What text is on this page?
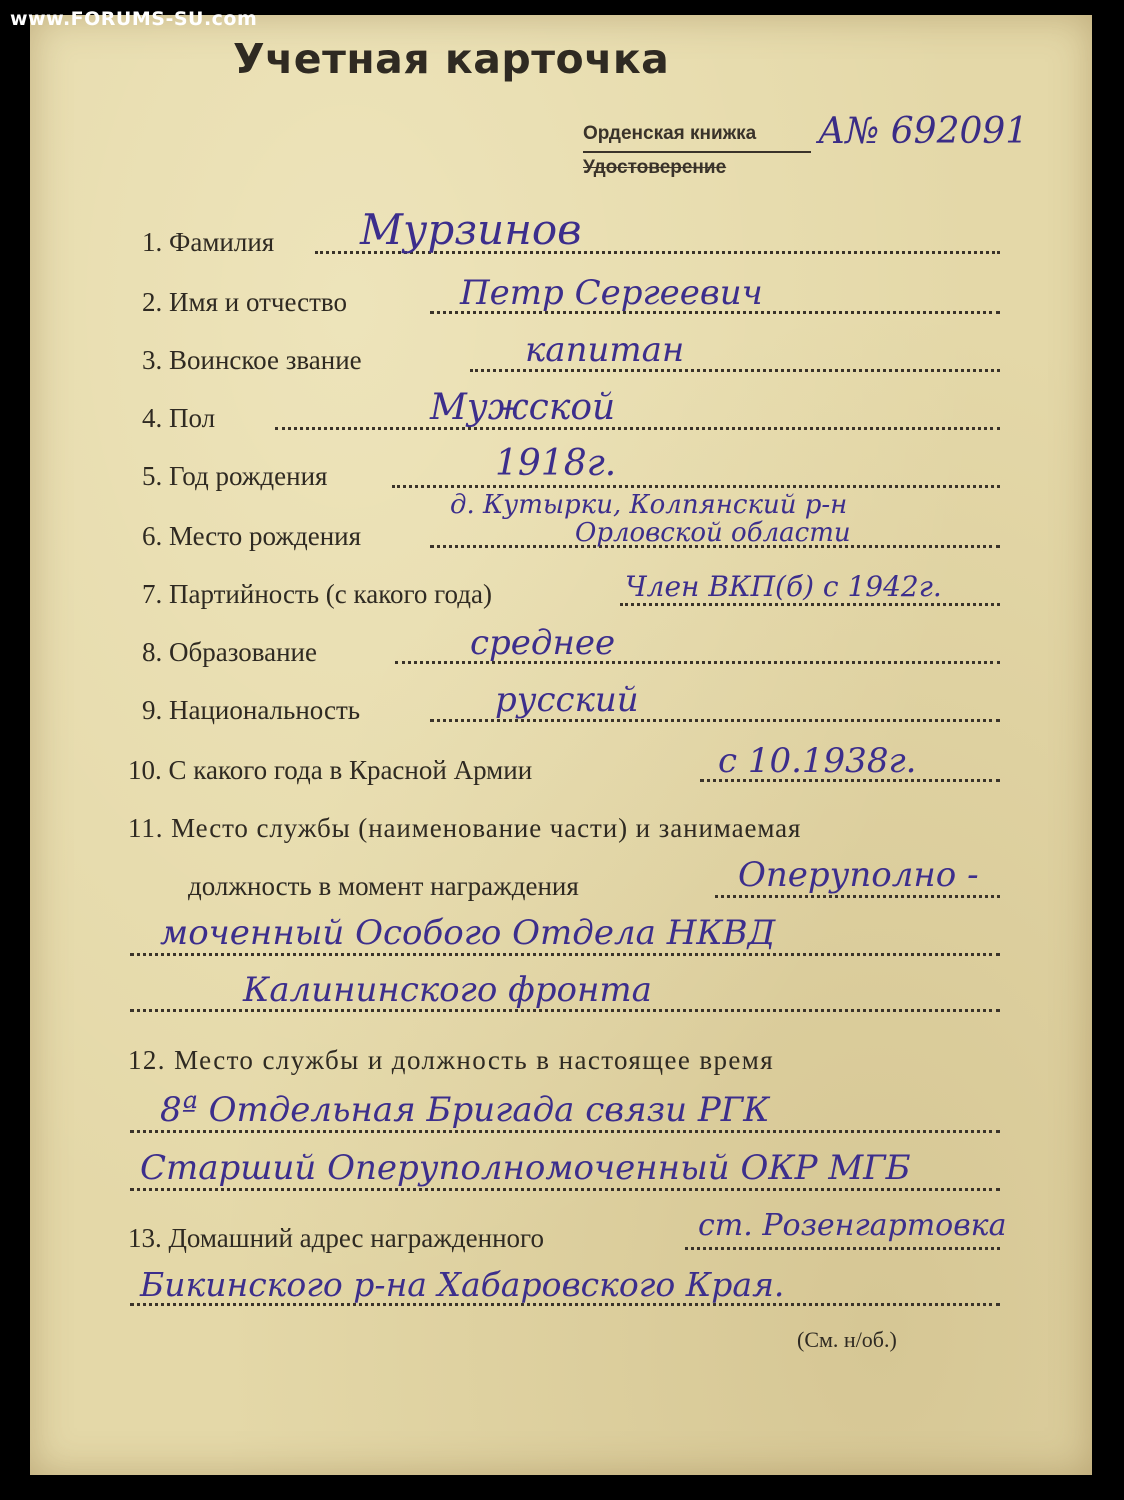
www.FORUMS-SU.com
Учетная карточка
Орденская книжка
Удостоверение
А№ 692091
1. Фамилия Мурзинов
2. Имя и отчество	Петр Сергеевич
3. Воинское звание	капитан
4. Пол	Мужской
5. Год рождения	1918г.
6. Место рождения
д. Кутырки, Колпянский р-н
Орловской области
7. Партийность (с какого года)	Член ВКП(б) с 1942г.
8. Образование	среднее
9. Национальность	русский
10. С какого года в Красной Армии	с 10.1938г.
11. Место службы (наименование части) и занимаемая
должность в момент награждения	Оперуполно -
моченный Особого Отдела НКВД
Калининского фронта
12. Место службы и должность в настоящее время
8ª Отдельная Бригада связи РГК
Старший Оперуполномоченный ОКР МГБ
13. Домашний адрес награжденного	ст. Розенгартовка
Бикинского р-на Хабаровского Края.
(См. н/об.)
